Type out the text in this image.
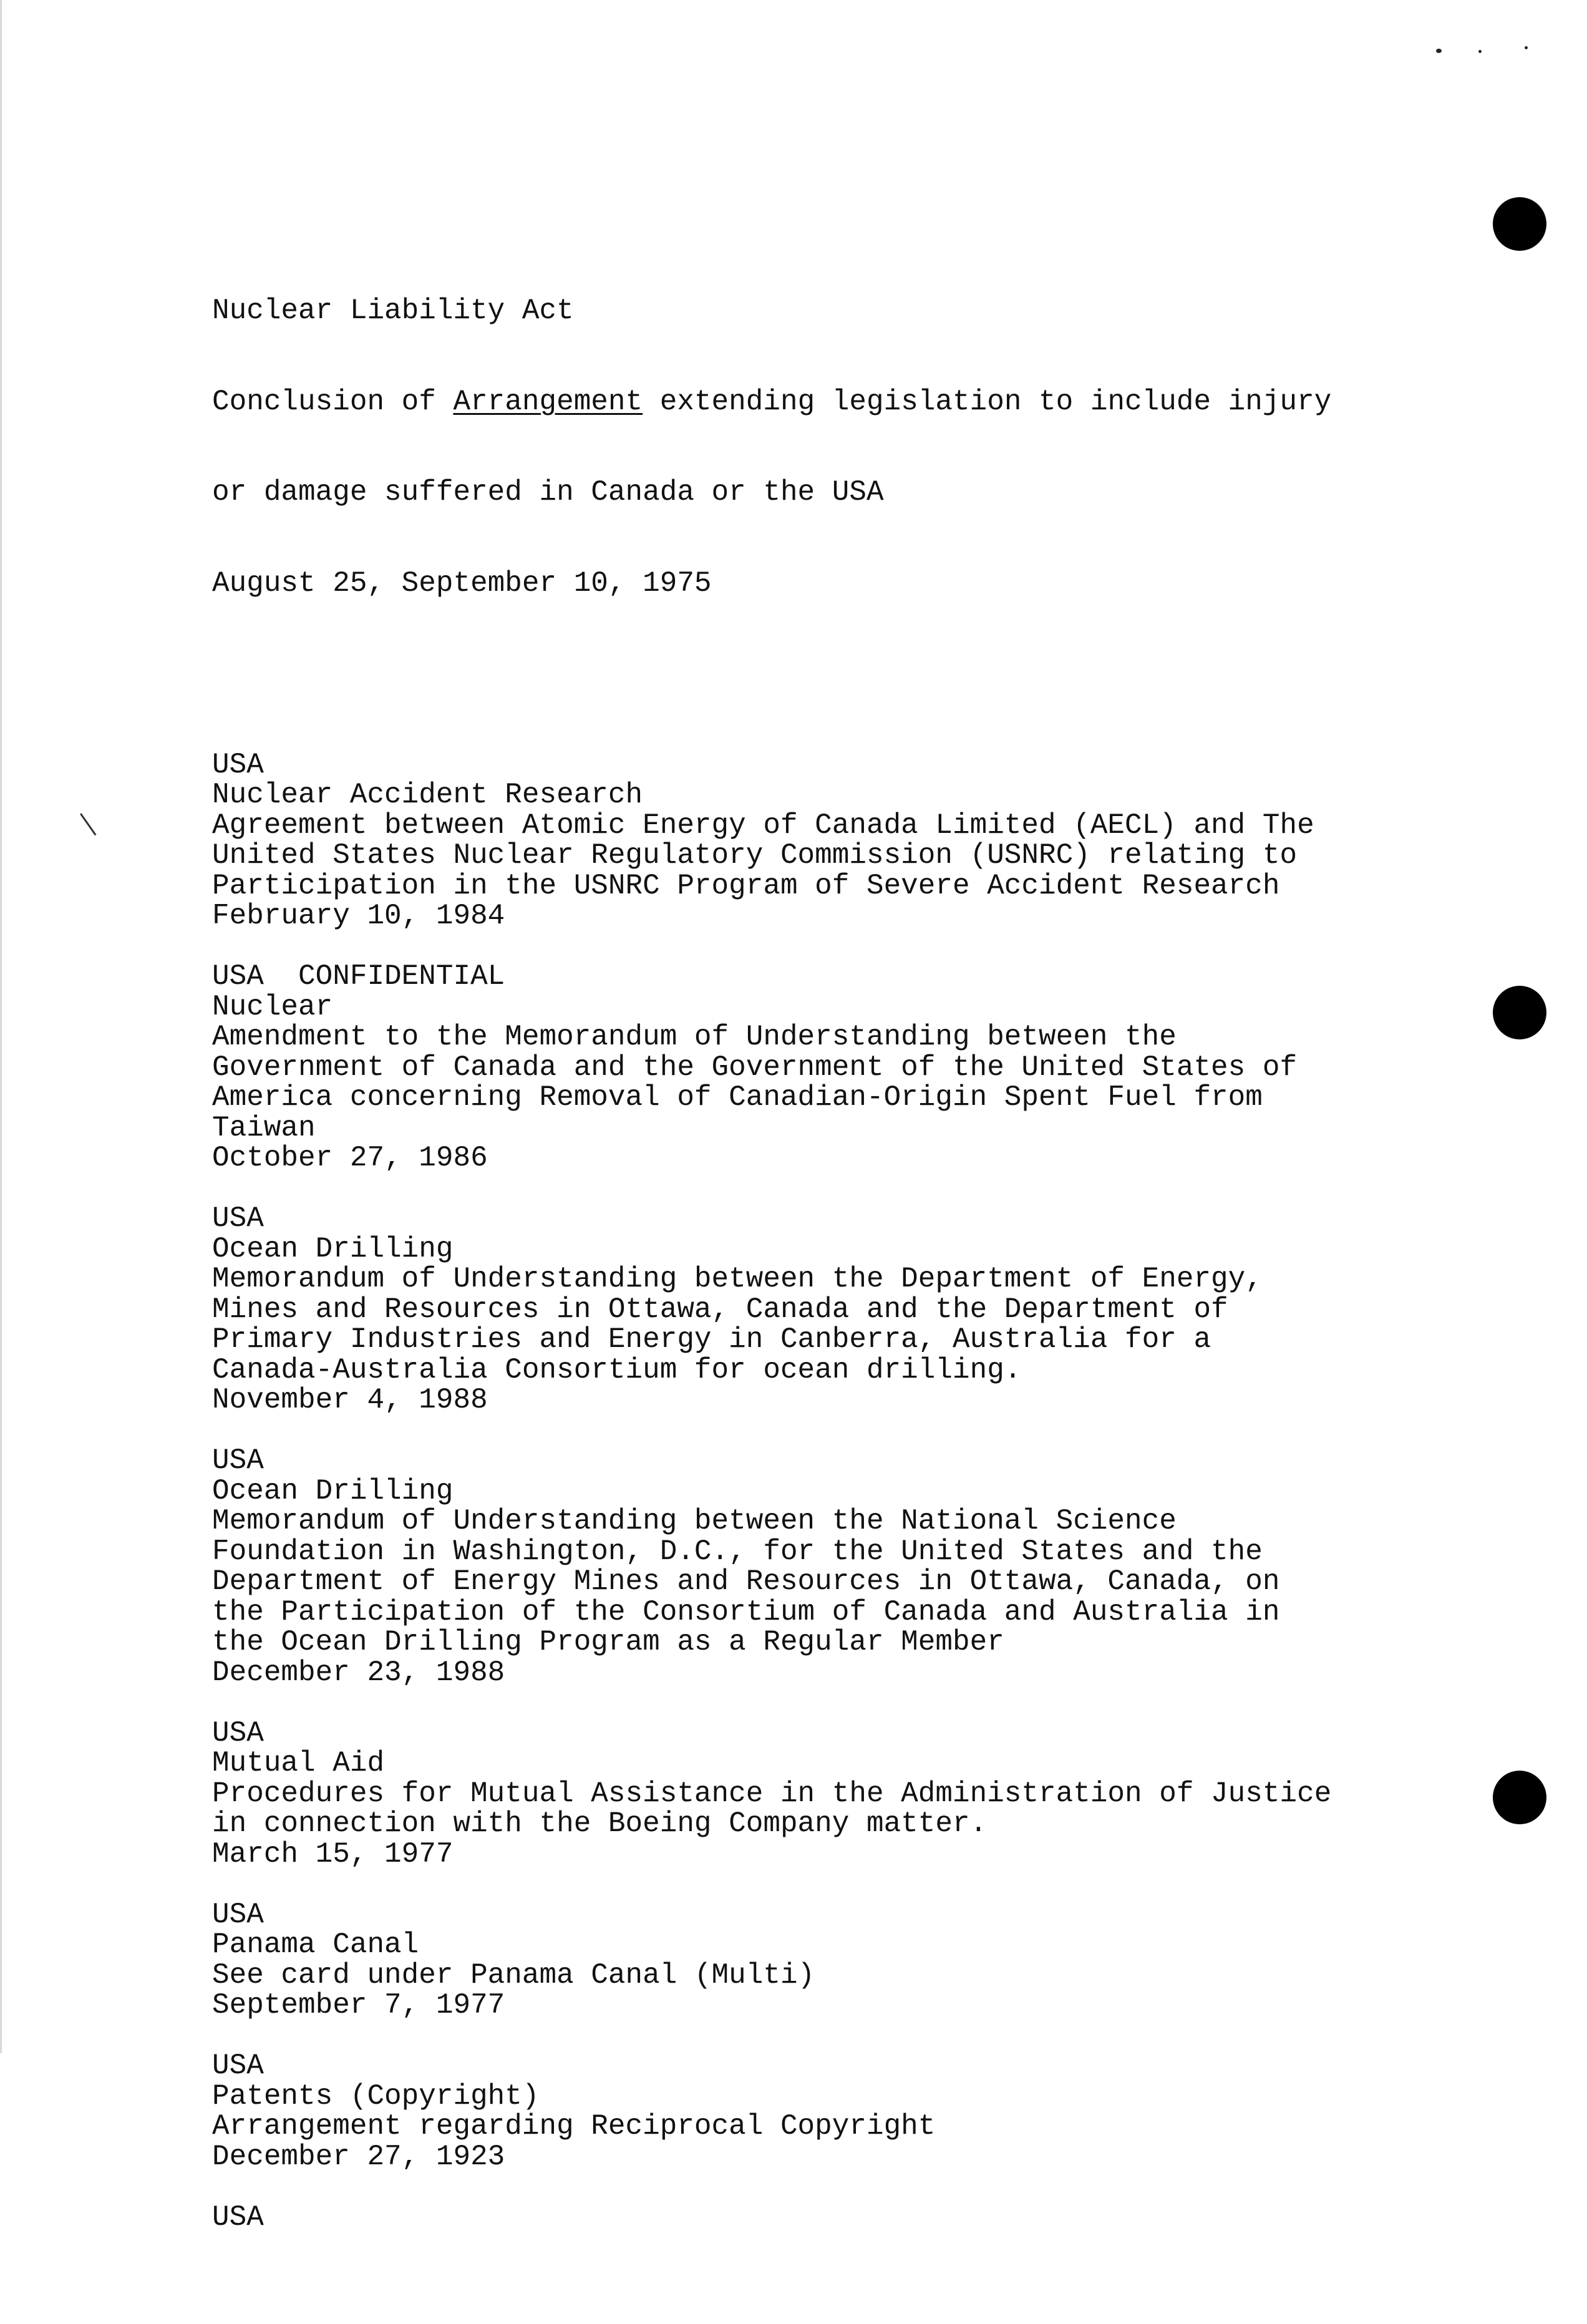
Nuclear Liability Act

Conclusion of Arrangement extending legislation to include injury

or damage suffered in Canada or the USA

August 25, September 10, 1975

USA
Nuclear Accident Research
Agreement between Atomic Energy of Canada Limited (AECL) and The
United States Nuclear Regulatory Commission (USNRC) relating to
Participation in the USNRC Program of Severe Accident Research
February 10, 1984
USA  CONFIDENTIAL
Nuclear
Amendment to the Memorandum of Understanding between the
Government of Canada and the Government of the United States of
America concerning Removal of Canadian-Origin Spent Fuel from
Taiwan
October 27, 1986
USA
Ocean Drilling
Memorandum of Understanding between the Department of Energy,
Mines and Resources in Ottawa, Canada and the Department of
Primary Industries and Energy in Canberra, Australia for a
Canada-Australia Consortium for ocean drilling.
November 4, 1988
USA
Ocean Drilling
Memorandum of Understanding between the National Science
Foundation in Washington, D.C., for the United States and the
Department of Energy Mines and Resources in Ottawa, Canada, on
the Participation of the Consortium of Canada and Australia in
the Ocean Drilling Program as a Regular Member
December 23, 1988
USA
Mutual Aid
Procedures for Mutual Assistance in the Administration of Justice
in connection with the Boeing Company matter.
March 15, 1977
USA
Panama Canal
See card under Panama Canal (Multi)
September 7, 1977
USA
Patents (Copyright)
Arrangement regarding Reciprocal Copyright
December 27, 1923
USA
